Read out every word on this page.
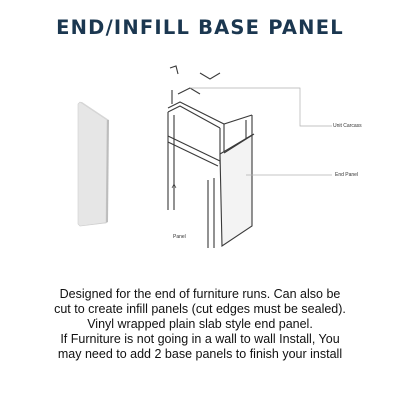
END/INFILL BASE PANEL
Unit Carcass
End Panel
Panel
Designed for the end of furniture runs. Can also be
cut to create infill panels (cut edges must be sealed).
Vinyl wrapped plain slab style end panel.
If Furniture is not going in a wall to wall Install, You
may need to add 2 base panels to finish your install
